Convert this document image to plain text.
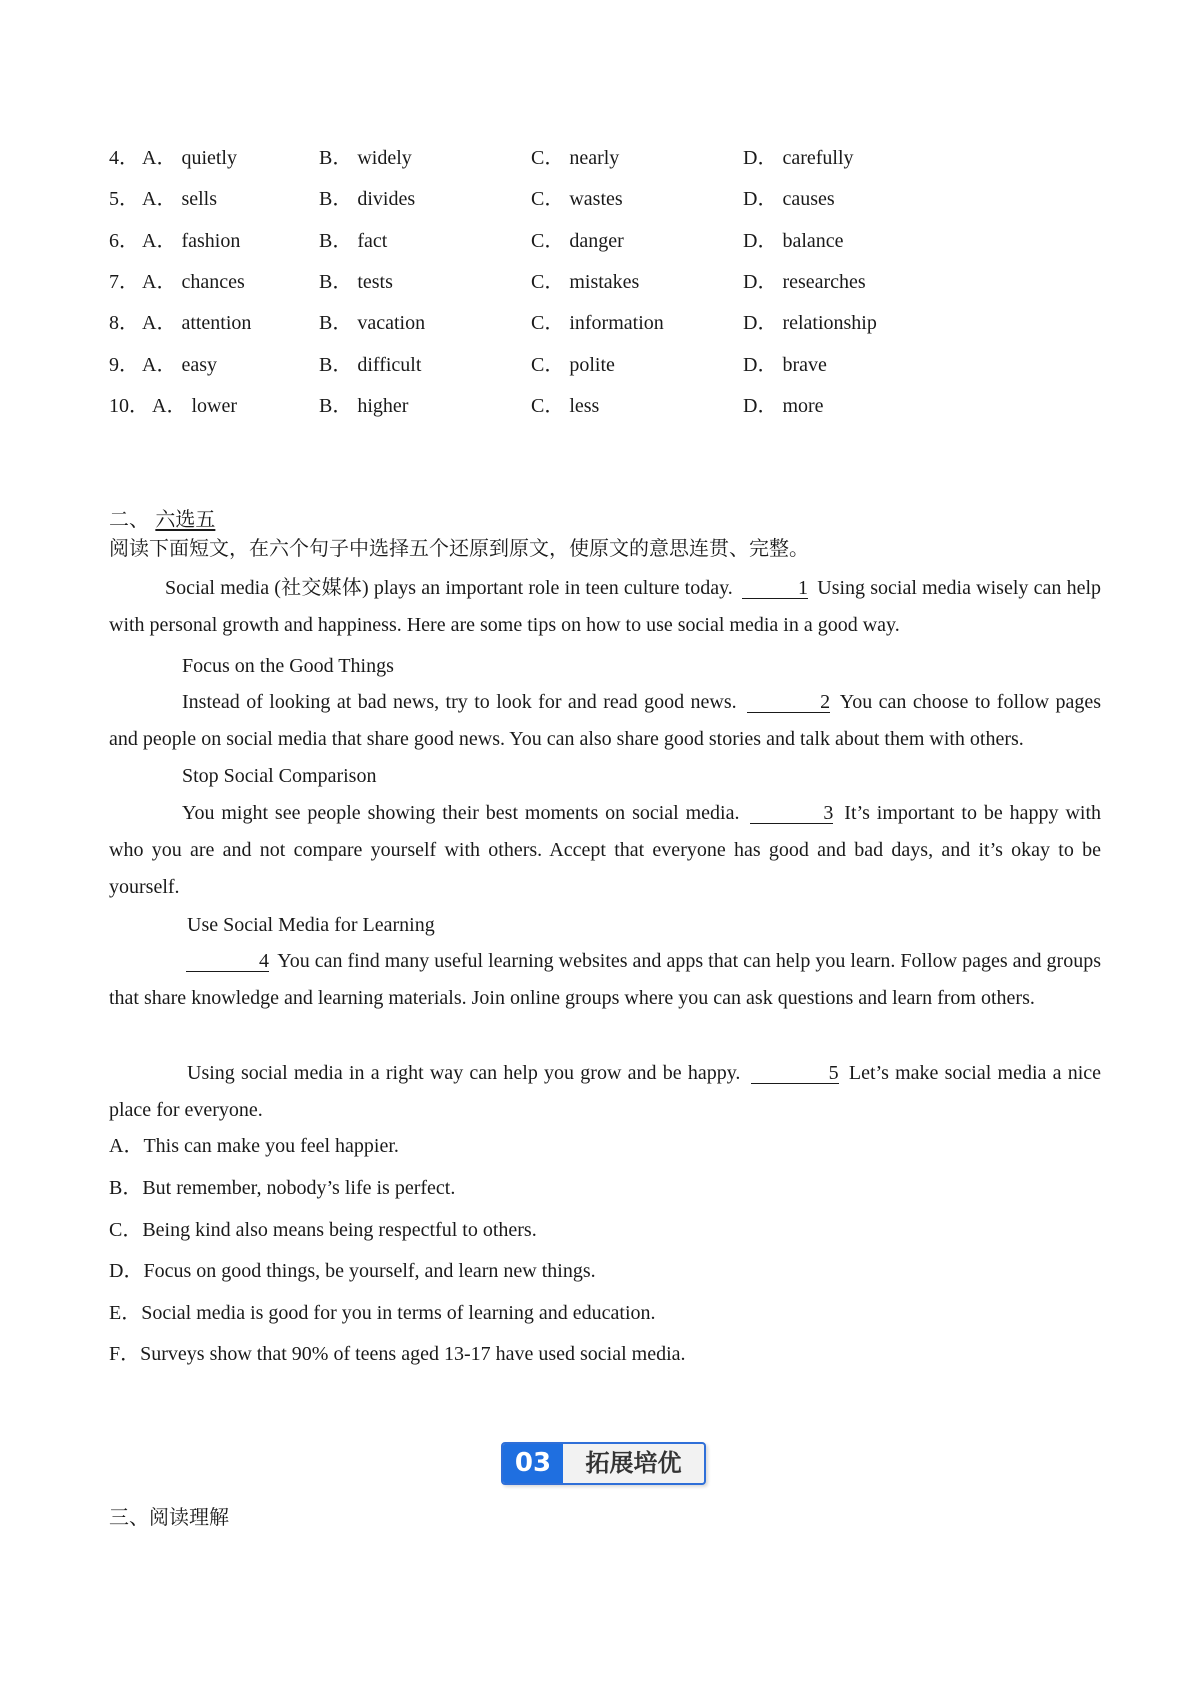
4． A． quietly	B． widely	C． nearly	D． carefully
5． A． sells	B． divides	C． wastes	D． causes
6． A． fashion	B． fact	C． danger	D． balance
7． A． chances	B． tests	C． mistakes	D． researches
8． A． attention	B． vacation	C． information	D． relationship
9． A． easy	B． difficult	C． polite	D． brave
10． A． lower	B． higher	C． less	D． more
二、 六选五
阅读下面短文，在六个句子中选择五个还原到原文，使原文的意思连贯、完整。

Social media (社交媒体) plays an important role in teen culture today.	1 Using social media wisely can help with personal growth and happiness. Here are some tips on how to use social media in a good way.

Focus on the Good Things

Instead of looking at bad news, try to look for and read good news.	2 You can choose to follow pages and people on social media that share good news. You can also share good stories and talk about them with others.

Stop Social Comparison

You might see people showing their best moments on social media.	3 It’s important to be happy with who you are and not compare yourself with others. Accept that everyone has good and bad days, and it’s okay to be yourself.

Use Social Media for Learning

4 You can find many useful learning websites and apps that can help you learn. Follow pages and groups that share knowledge and learning materials. Join online groups where you can ask questions and learn from others.

Using social media in a right way can help you grow and be happy.	5 Let’s make social media a nice place for everyone.

A．This can make you feel happier.
B．But remember, nobody’s life is perfect.
C．Being kind also means being respectful to others.
D．Focus on good things, be yourself, and learn new things.
E．Social media is good for you in terms of learning and education.
F．Surveys show that 90% of teens aged 13-17 have used social media.
03	拓展培优
三、阅读理解
